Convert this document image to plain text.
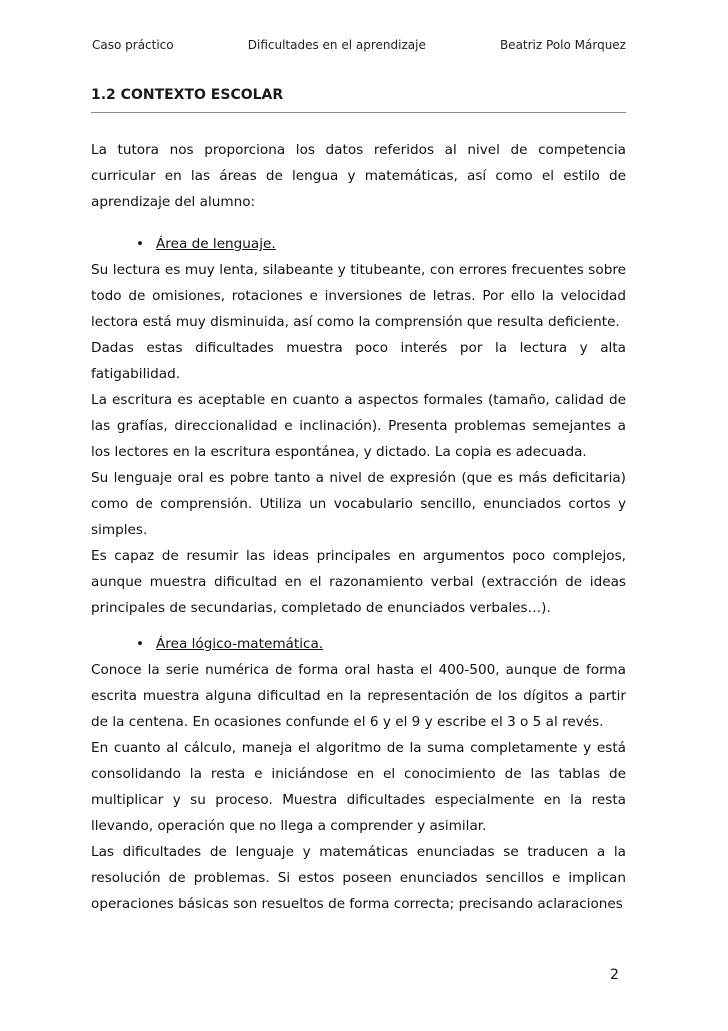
Caso práctico	Dificultades en el aprendizaje	Beatriz Polo Márquez
1.2 CONTEXTO ESCOLAR

La tutora nos proporciona los datos referidos al nivel de competencia curricular en las áreas de lengua y matemáticas, así como el estilo de aprendizaje del alumno:

• Área de lenguaje.

Su lectura es muy lenta, silabeante y titubeante, con errores frecuentes sobre todo de omisiones, rotaciones e inversiones de letras. Por ello la velocidad lectora está muy disminuida, así como la comprensión que resulta deficiente.

Dadas estas dificultades muestra poco interés por la lectura y alta fatigabilidad.

La escritura es aceptable en cuanto a aspectos formales (tamaño, calidad de las grafías, direccionalidad e inclinación). Presenta problemas semejantes a los lectores en la escritura espontánea, y dictado. La copia es adecuada.

Su lenguaje oral es pobre tanto a nivel de expresión (que es más deficitaria) como de comprensión. Utiliza un vocabulario sencillo, enunciados cortos y simples.

Es capaz de resumir las ideas principales en argumentos poco complejos, aunque muestra dificultad en el razonamiento verbal (extracción de ideas principales de secundarias, completado de enunciados verbales…).

• Área lógico-matemática.

Conoce la serie numérica de forma oral hasta el 400-500, aunque de forma escrita muestra alguna dificultad en la representación de los dígitos a partir de la centena. En ocasiones confunde el 6 y el 9 y escribe el 3 o 5 al revés.

En cuanto al cálculo, maneja el algoritmo de la suma completamente y está consolidando la resta e iniciándose en el conocimiento de las tablas de multiplicar y su proceso. Muestra dificultades especialmente en la resta llevando, operación que no llega a comprender y asimilar.

Las dificultades de lenguaje y matemáticas enunciadas se traducen a la resolución de problemas. Si estos poseen enunciados sencillos e implican operaciones básicas son resueltos de forma correcta; precisando aclaraciones

2
